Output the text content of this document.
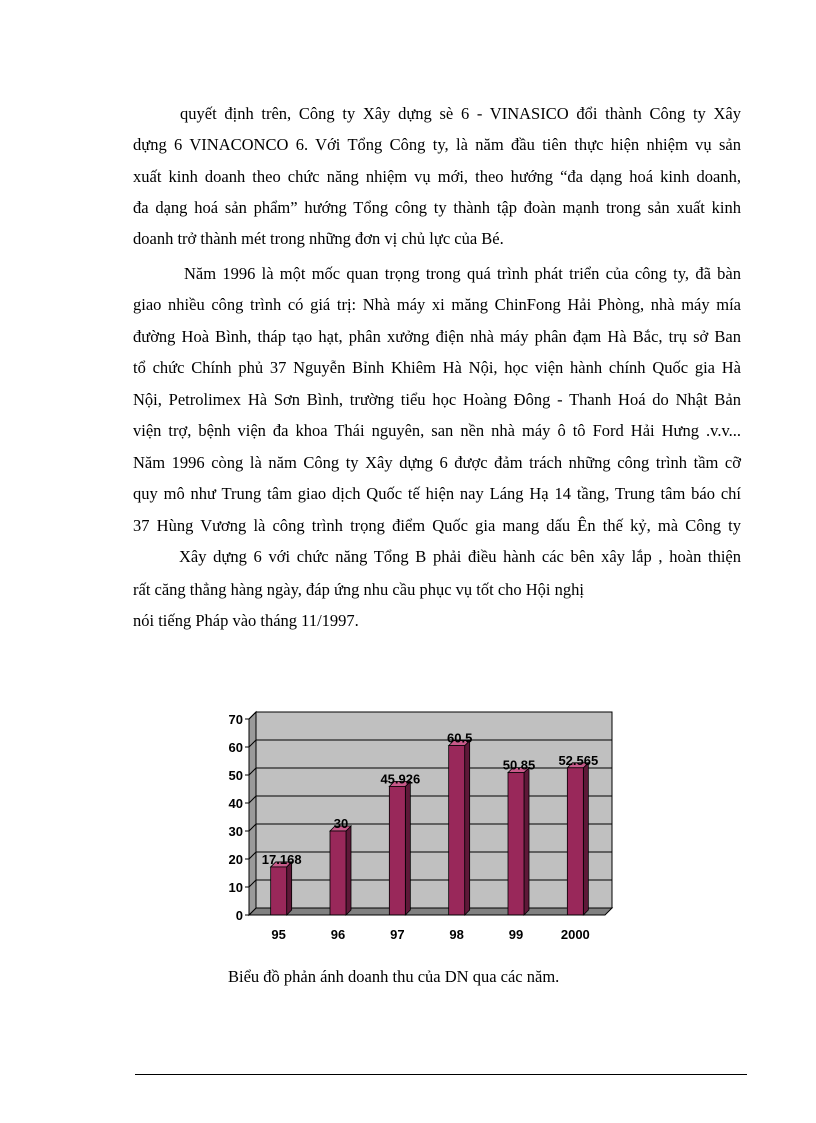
quyết định trên, Công ty Xây dựng sè 6 - VINASICO đổi thành Công ty Xây
dựng 6 VINACONCO 6. Với Tổng Công ty, là năm đầu tiên thực hiện nhiệm vụ sản
xuất kinh doanh theo chức năng nhiệm vụ mới, theo hướng “đa dạng hoá kinh doanh,
đa dạng hoá sản phẩm” hướng Tổng công ty thành tập đoàn mạnh trong sản xuất kinh
doanh trở thành mét trong những đơn vị chủ lực của Bé.
Năm 1996 là một mốc quan trọng trong quá trình phát triển của công ty, đã bàn
giao nhiều công trình có giá trị: Nhà máy xi măng ChinFong Hải Phòng, nhà máy mía
đường Hoà Bình, tháp tạo hạt, phân xưởng điện nhà máy phân đạm Hà Bắc, trụ sở Ban
tổ chức Chính phủ 37 Nguyễn Bỉnh Khiêm Hà Nội, học viện hành chính Quốc gia Hà
Nội, Petrolimex Hà Sơn Bình, trường tiểu học Hoàng Đông - Thanh Hoá do Nhật Bản
viện trợ, bệnh viện đa khoa Thái nguyên, san nền nhà máy ô tô Ford Hải Hưng .v.v...
Năm 1996 còng là năm Công ty Xây dựng 6 được đảm trách những công trình tầm cỡ
quy mô như Trung tâm giao dịch Quốc tế hiện nay Láng Hạ 14 tầng, Trung tâm báo chí
37 Hùng Vương là công trình trọng điểm Quốc gia mang dấu Ên thế kỷ, mà Công ty
Xây dựng 6 với chức năng Tổng B phải điều hành các bên xây lắp , hoàn thiện
rất căng thẳng hàng ngày, đáp ứng nhu cầu phục vụ tốt cho Hội nghị
nói tiếng Pháp vào tháng 11/1997.
0
10
20
30
40
50
60
70
95	96	97	98	99	2000
17.168
30
45.926
60.5
50.85 52.565
Biểu đồ phản ánh doanh thu của DN qua các năm.
